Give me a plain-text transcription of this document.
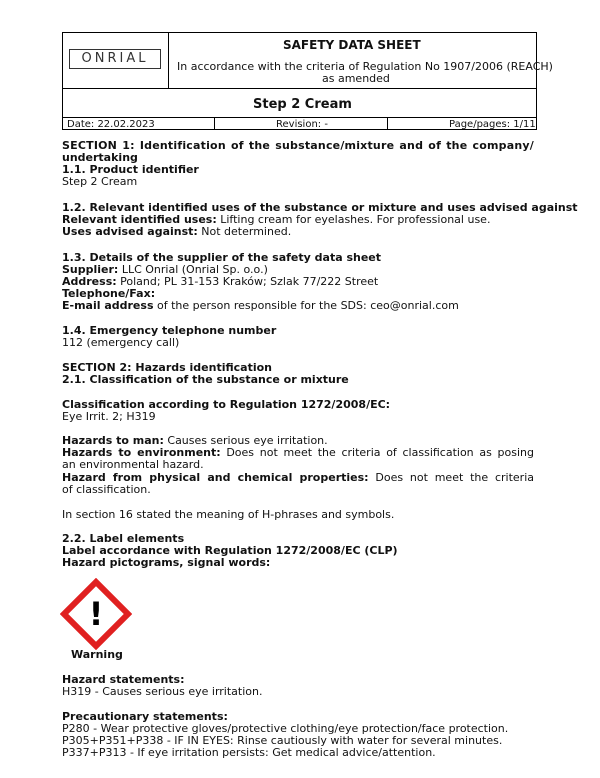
ONRIAL
SAFETY DATA SHEET
In accordance with the criteria of Regulation No 1907/2006 (REACH)
as amended
Step 2 Cream
Date: 22.02.2023	Revision: -	Page/pages: 1/11
SECTION 1: Identification of the substance/mixture and of the company/
undertaking
1.1. Product identifier
Step 2 Cream
1.2. Relevant identified uses of the substance or mixture and uses advised against
Relevant identified uses: Lifting cream for eyelashes. For professional use.
Uses advised against: Not determined.
1.3. Details of the supplier of the safety data sheet
Supplier: LLC Onrial (Onrial Sp. o.o.)
Address: Poland; PL 31-153 Kraków; Szlak 77/222 Street
Telephone/Fax:
E-mail address of the person responsible for the SDS: ceo@onrial.com
1.4. Emergency telephone number
112 (emergency call)
SECTION 2: Hazards identification
2.1. Classification of the substance or mixture
Classification according to Regulation 1272/2008/EC:
Eye Irrit. 2; H319
Hazards to man: Causes serious eye irritation.
Hazards to environment: Does not meet the criteria of classification as posing
an environmental hazard.
Hazard from physical and chemical properties: Does not meet the criteria
of classification.
In section 16 stated the meaning of H-phrases and symbols.
2.2. Label elements
Label accordance with Regulation 1272/2008/EC (CLP)
Hazard pictograms, signal words:
!
Warning
Hazard statements:
H319 - Causes serious eye irritation.
Precautionary statements:
P280 - Wear protective gloves/protective clothing/eye protection/face protection.
P305+P351+P338 - IF IN EYES: Rinse cautiously with water for several minutes.
P337+P313 - If eye irritation persists: Get medical advice/attention.
